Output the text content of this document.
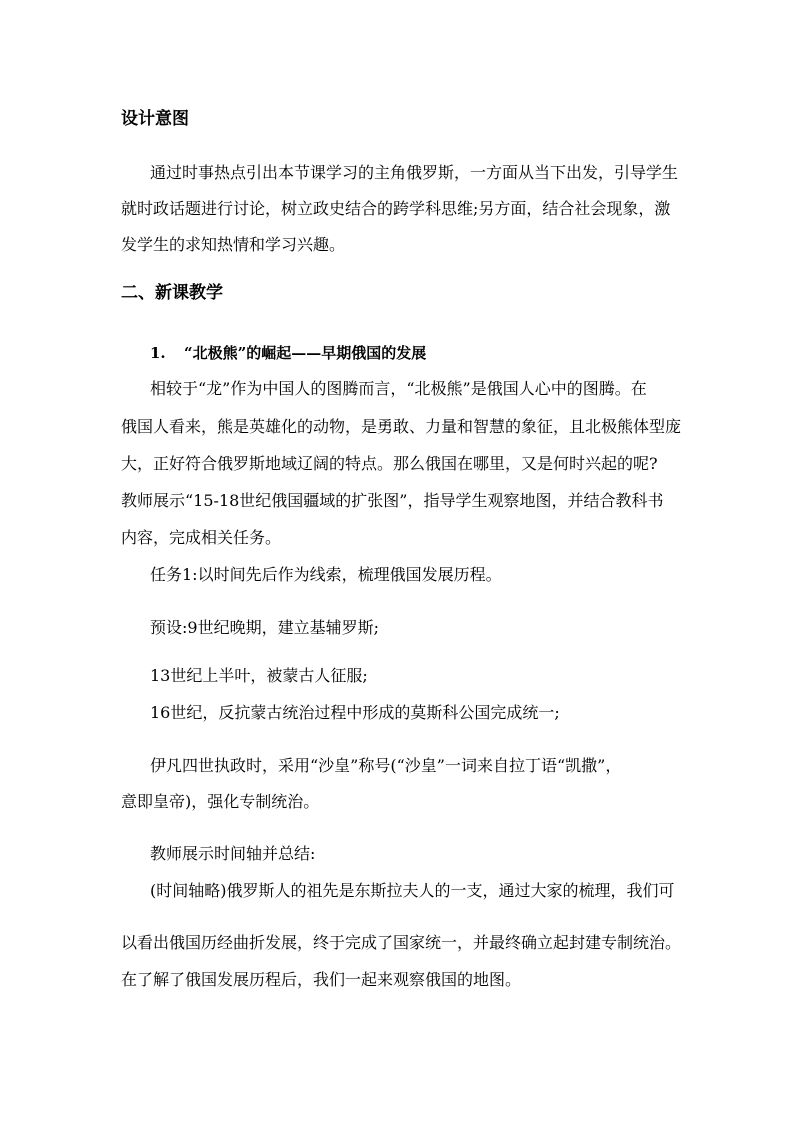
设计意图
通过时事热点引出本节课学习的主角俄罗斯，一方面从当下出发，引导学生
就时政话题进行讨论，树立政史结合的跨学科思维;另方面，结合社会现象，激
发学生的求知热情和学习兴趣。
二、新课教学
1. “北极熊”的崛起——早期俄国的发展
相较于“龙”作为中国人的图腾而言，“北极熊”是俄国人心中的图腾。在
俄国人看来，熊是英雄化的动物，是勇敢、力量和智慧的象征，且北极熊体型庞
大，正好符合俄罗斯地域辽阔的特点。那么俄国在哪里，又是何时兴起的呢?
教师展示“15-18世纪俄国疆域的扩张图”，指导学生观察地图，并结合教科书
内容，完成相关任务。
任务1:以时间先后作为线索，梳理俄国发展历程。
预设:9世纪晚期，建立基辅罗斯;
13世纪上半叶，被蒙古人征服;
16世纪，反抗蒙古统治过程中形成的莫斯科公国完成统一;
伊凡四世执政时，采用“沙皇”称号(“沙皇”一词来自拉丁语“凯撒”，
意即皇帝)，强化专制统治。
教师展示时间轴并总结:
(时间轴略)俄罗斯人的祖先是东斯拉夫人的一支，通过大家的梳理，我们可
以看出俄国历经曲折发展，终于完成了国家统一，并最终确立起封建专制统治。
在了解了俄国发展历程后，我们一起来观察俄国的地图。
